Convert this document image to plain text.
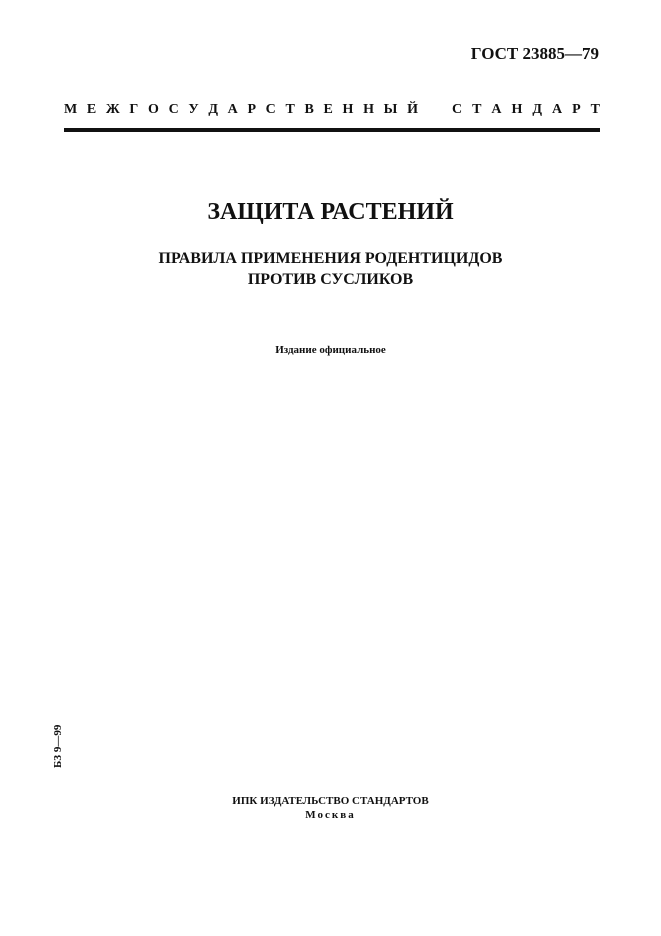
ГОСТ 23885—79
М Е Ж Г О С У Д А Р С Т В Е Н Н Ы Й С Т А Н Д А Р Т
ЗАЩИТА РАСТЕНИЙ
ПРАВИЛА ПРИМЕНЕНИЯ РОДЕНТИЦИДОВ
ПРОТИВ СУСЛИКОВ
Издание официальное
БЗ 9—99
ИПК ИЗДАТЕЛЬСТВО СТАНДАРТОВ
Москва
